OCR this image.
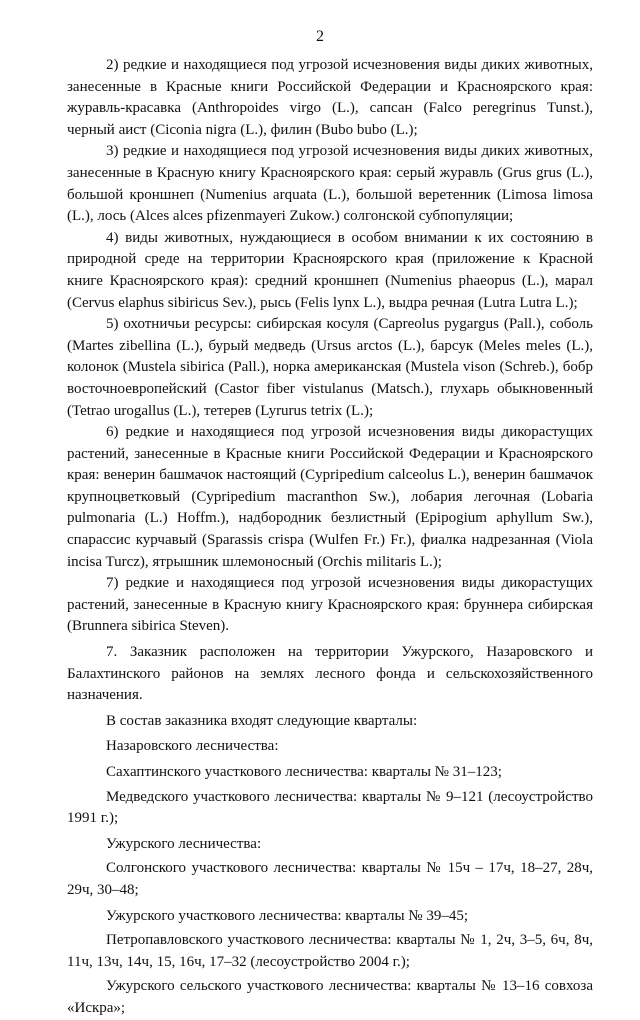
2

2) редкие и находящиеся под угрозой исчезновения виды диких животных, занесенные в Красные книги Российской Федерации и Красноярского края: журавль-красавка (Anthropoides virgo (L.), сапсан (Falco peregrinus Tunst.), черный аист (Ciconia nigra (L.), филин (Bubo bubo (L.);

3) редкие и находящиеся под угрозой исчезновения виды диких животных, занесенные в Красную книгу Красноярского края: серый журавль (Grus grus (L.), большой кроншнеп (Numenius arquata (L.), большой веретенник (Limosa limosa (L.), лось (Alces alces pfizenmayeri Zukow.) солгонской субпопуляции;

4) виды животных, нуждающиеся в особом внимании к их состоянию в природной среде на территории Красноярского края (приложение к Красной книге Красноярского края): средний кроншнеп (Numenius phaeopus (L.), марал (Cervus elaphus sibiricus Sev.), рысь (Felis lynx L.), выдра речная (Lutra Lutra L.);

5) охотничьи ресурсы: сибирская косуля (Capreolus pygargus (Pall.), соболь (Martes zibellina (L.), бурый медведь (Ursus arctos (L.), барсук (Meles meles (L.), колонок (Mustela sibirica (Pall.), норка американская (Mustela vison (Schreb.), бобр восточноевропейский (Castor fiber vistulanus (Matsch.), глухарь обыкновенный (Tetrao urogallus (L.), тетерев (Lyrurus tetrix (L.);

6) редкие и находящиеся под угрозой исчезновения виды дикорастущих растений, занесенные в Красные книги Российской Федерации и Красноярского края: венерин башмачок настоящий (Cypripedium calceolus L.), венерин башмачок крупноцветковый (Cypripedium macranthon Sw.), лобария легочная (Lobaria pulmonaria (L.) Hoffm.), надбородник безлистный (Epipogium aphyllum Sw.), спарассис курчавый (Sparassis crispa (Wulfen Fr.) Fr.), фиалка надрезанная (Viola incisa Turcz), ятрышник шлемоносный (Orchis militaris L.);

7) редкие и находящиеся под угрозой исчезновения виды дикорастущих растений, занесенные в Красную книгу Красноярского края: бруннера сибирская (Brunnera sibirica Steven).

7. Заказник расположен на территории Ужурского, Назаровского и Балахтинского районов на землях лесного фонда и сельскохозяйственного назначения.

В состав заказника входят следующие кварталы:

Назаровского лесничества:

Сахаптинского участкового лесничества: кварталы № 31–123;

Медведского участкового лесничества: кварталы № 9–121 (лесоустройство 1991 г.);

Ужурского лесничества:

Солгонского участкового лесничества: кварталы № 15ч – 17ч, 18–27, 28ч, 29ч, 30–48;

Ужурского участкового лесничества: кварталы № 39–45;

Петропавловского участкового лесничества: кварталы № 1, 2ч, 3–5, 6ч, 8ч, 11ч, 13ч, 14ч, 15, 16ч, 17–32 (лесоустройство 2004 г.);

Ужурского сельского участкового лесничества: кварталы № 13–16 совхоза «Искра»;
